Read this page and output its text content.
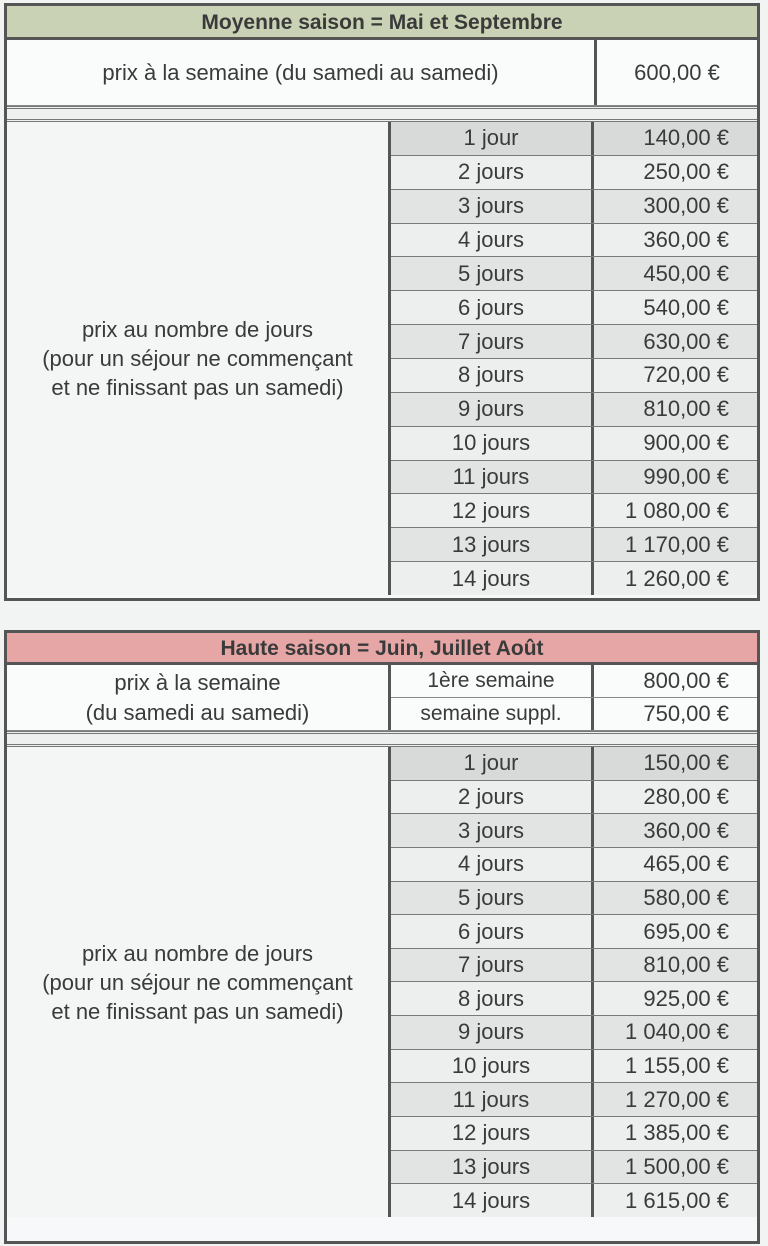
Moyenne saison = Mai et Septembre
prix à la semaine (du samedi au samedi)	600,00 €
prix au nombre de jours
(pour un séjour ne commençant
et ne finissant pas un samedi)
1 jour	140,00 €
2 jours	250,00 €
3 jours	300,00 €
4 jours	360,00 €
5 jours	450,00 €
6 jours	540,00 €
7 jours	630,00 €
8 jours	720,00 €
9 jours	810,00 €
10 jours	900,00 €
11 jours	990,00 €
12 jours	1 080,00 €
13 jours	1 170,00 €
14 jours	1 260,00 €
Haute saison = Juin, Juillet Août
prix à la semaine
(du samedi au samedi)
1ère semaine	800,00 €
semaine suppl.	750,00 €
prix au nombre de jours
(pour un séjour ne commençant
et ne finissant pas un samedi)
1 jour	150,00 €
2 jours	280,00 €
3 jours	360,00 €
4 jours	465,00 €
5 jours	580,00 €
6 jours	695,00 €
7 jours	810,00 €
8 jours	925,00 €
9 jours	1 040,00 €
10 jours	1 155,00 €
11 jours	1 270,00 €
12 jours	1 385,00 €
13 jours	1 500,00 €
14 jours	1 615,00 €
